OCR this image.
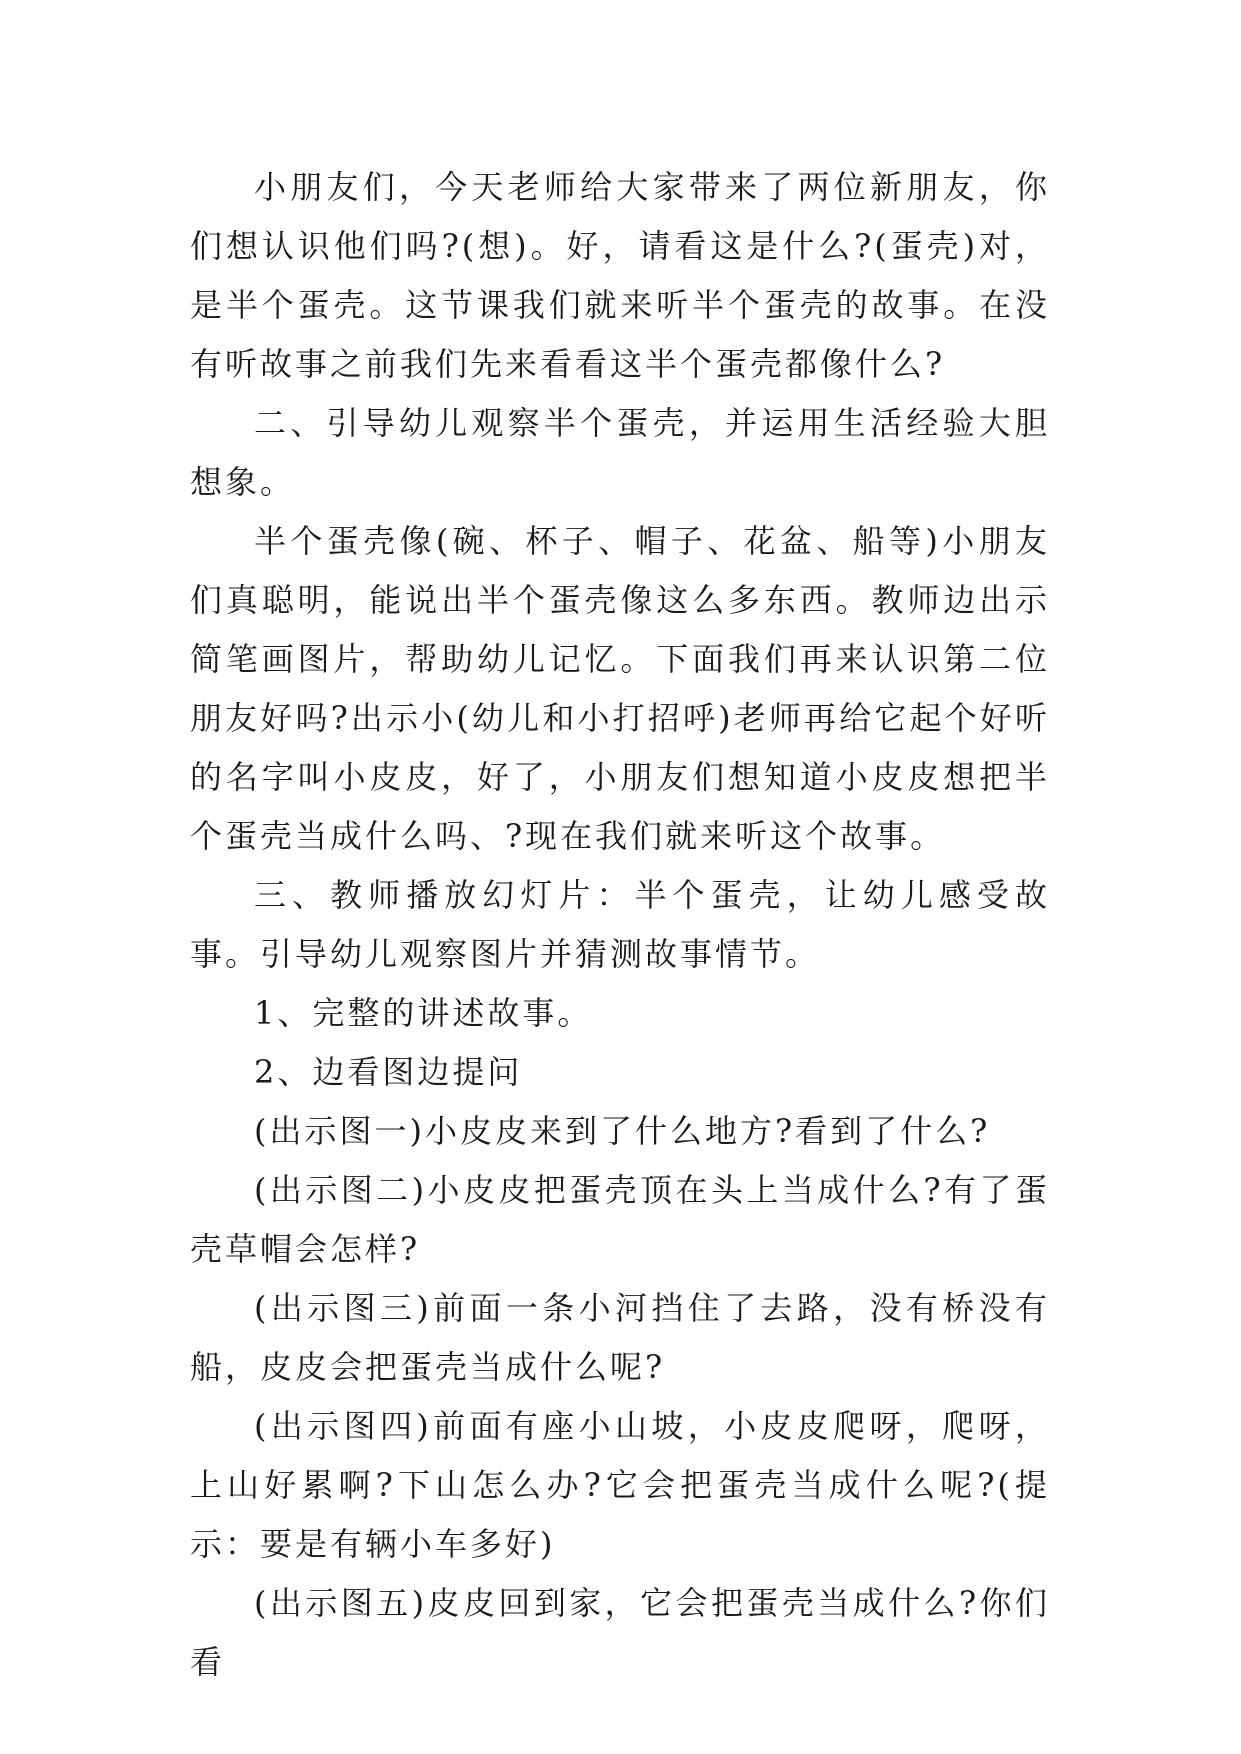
小朋友们，今天老师给大家带来了两位新朋友，你们想认识他们吗?(想)。好，请看这是什么?(蛋壳)对，是半个蛋壳。这节课我们就来听半个蛋壳的故事。在没有听故事之前我们先来看看这半个蛋壳都像什么?

二、引导幼儿观察半个蛋壳，并运用生活经验大胆想象。

半个蛋壳像(碗、杯子、帽子、花盆、船等)小朋友们真聪明，能说出半个蛋壳像这么多东西。教师边出示简笔画图片，帮助幼儿记忆。下面我们再来认识第二位朋友好吗?出示小(幼儿和小打招呼)老师再给它起个好听的名字叫小皮皮，好了，小朋友们想知道小皮皮想把半个蛋壳当成什么吗、?现在我们就来听这个故事。

三、教师播放幻灯片：半个蛋壳，让幼儿感受故事。引导幼儿观察图片并猜测故事情节。

1、完整的讲述故事。

2、边看图边提问

(出示图一)小皮皮来到了什么地方?看到了什么?

(出示图二)小皮皮把蛋壳顶在头上当成什么?有了蛋壳草帽会怎样?

(出示图三)前面一条小河挡住了去路，没有桥没有船，皮皮会把蛋壳当成什么呢?

(出示图四)前面有座小山坡，小皮皮爬呀，爬呀，上山好累啊?下山怎么办?它会把蛋壳当成什么呢?(提示：要是有辆小车多好)

(出示图五)皮皮回到家，它会把蛋壳当成什么?你们看
